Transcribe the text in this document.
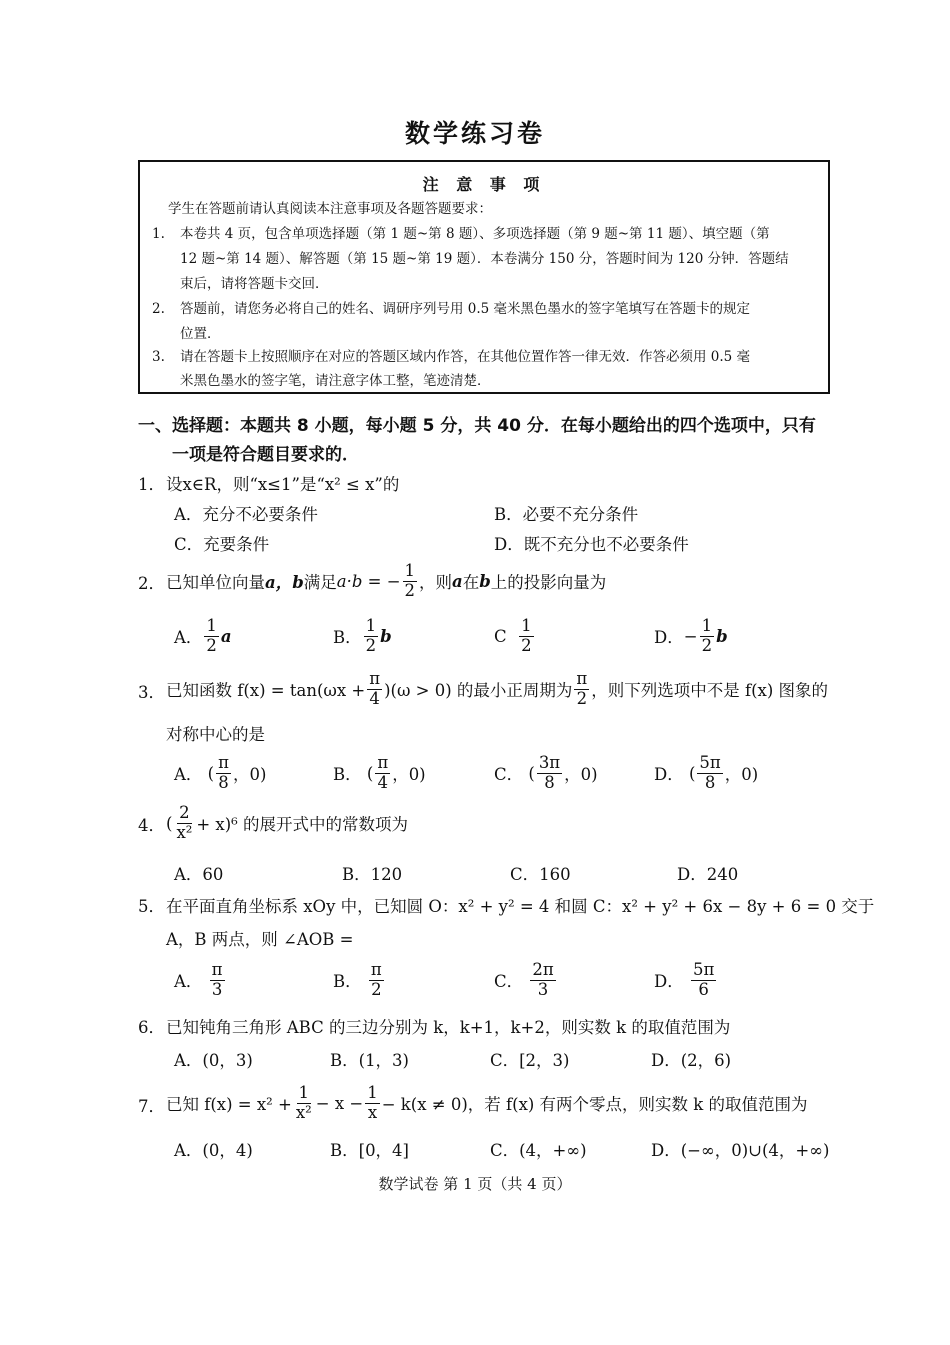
数学练习卷
注 意 事 项
学生在答题前请认真阅读本注意事项及各题答题要求：
1. 本卷共 4 页，包含单项选择题（第 1 题~第 8 题）、多项选择题（第 9 题~第 11 题）、填空题（第
12 题~第 14 题）、解答题（第 15 题~第 19 题）．本卷满分 150 分，答题时间为 120 分钟．答题结
束后，请将答题卡交回．
2. 答题前，请您务必将自己的姓名、调研序列号用 0.5 毫米黑色墨水的签字笔填写在答题卡的规定
位置．
3. 请在答题卡上按照顺序在对应的答题区域内作答，在其他位置作答一律无效．作答必须用 0.5 毫
米黑色墨水的签字笔，请注意字体工整，笔迹清楚．
一、选择题：本题共 8 小题，每小题 5 分，共 40 分．在每小题给出的四个选项中，只有
一项是符合题目要求的．
1． 设x∈R，则“x≤1”是“x² ≤ x”的
A．充分不必要条件	B．必要不充分条件
C．充要条件	D．既不充分也不必要条件
2． 已知单位向量 a，b 满足 a·b = − $\frac{1}{2}$ ，则 a 在 b 上的投影向量为
A． $\frac{1}{2}$ a	B． $\frac{1}{2}$ b	C
$\frac{1}{2}$	D． − $\frac{1}{2}$ b
3． 已知函数 $f(x) = \tan(\omega x + \frac{\pi}{4} )(\omega > 0)$ 的最小正周期为 $\frac{\pi}{2}$ ，则下列选项中不是 f(x) 图象的
对称中心的是
A．
( $\frac{\pi}{8}$ ，0)	B．
( $\frac{\pi}{4}$ ，0)	C．
( $\frac{3\pi}{8}$ ，0)	D．
( $\frac{5\pi}{8}$ ，0)
4． ( $\frac{2}{\text{x²}} + x)^6$ 的展开式中的常数项为
A．60	B．120	C．160	D．240
5． 在平面直角坐标系 xOy 中，已知圆 O：x² + y² = 4 和圆 C：x² + y² + 6x − 8y + 6 = 0 交于
A，B 两点，则 ∠AOB =
A．
$\frac{\pi}{3}$	B．
$\frac{\pi}{2}$	C．
$\frac{2\pi}{3}$	D．
$\frac{5\pi}{6}$
6． 已知钝角三角形 ABC 的三边分别为 k，k+1，k+2，则实数 k 的取值范围为
A．(0，3)	B．(1，3)	C．[2，3)	D．(2，6)
7． 已知 $f(x) = x^2 + \frac{1}{\text{x²}} - x - \frac{1}{x} - k(x \ne 0)$，若 f(x) 有两个零点，则实数 k 的取值范围为
A．(0，4)	B．[0，4]	C．(4，+∞)	D．(−∞，0)∪(4，+∞)
数学试卷 第 1 页（共 4 页）
